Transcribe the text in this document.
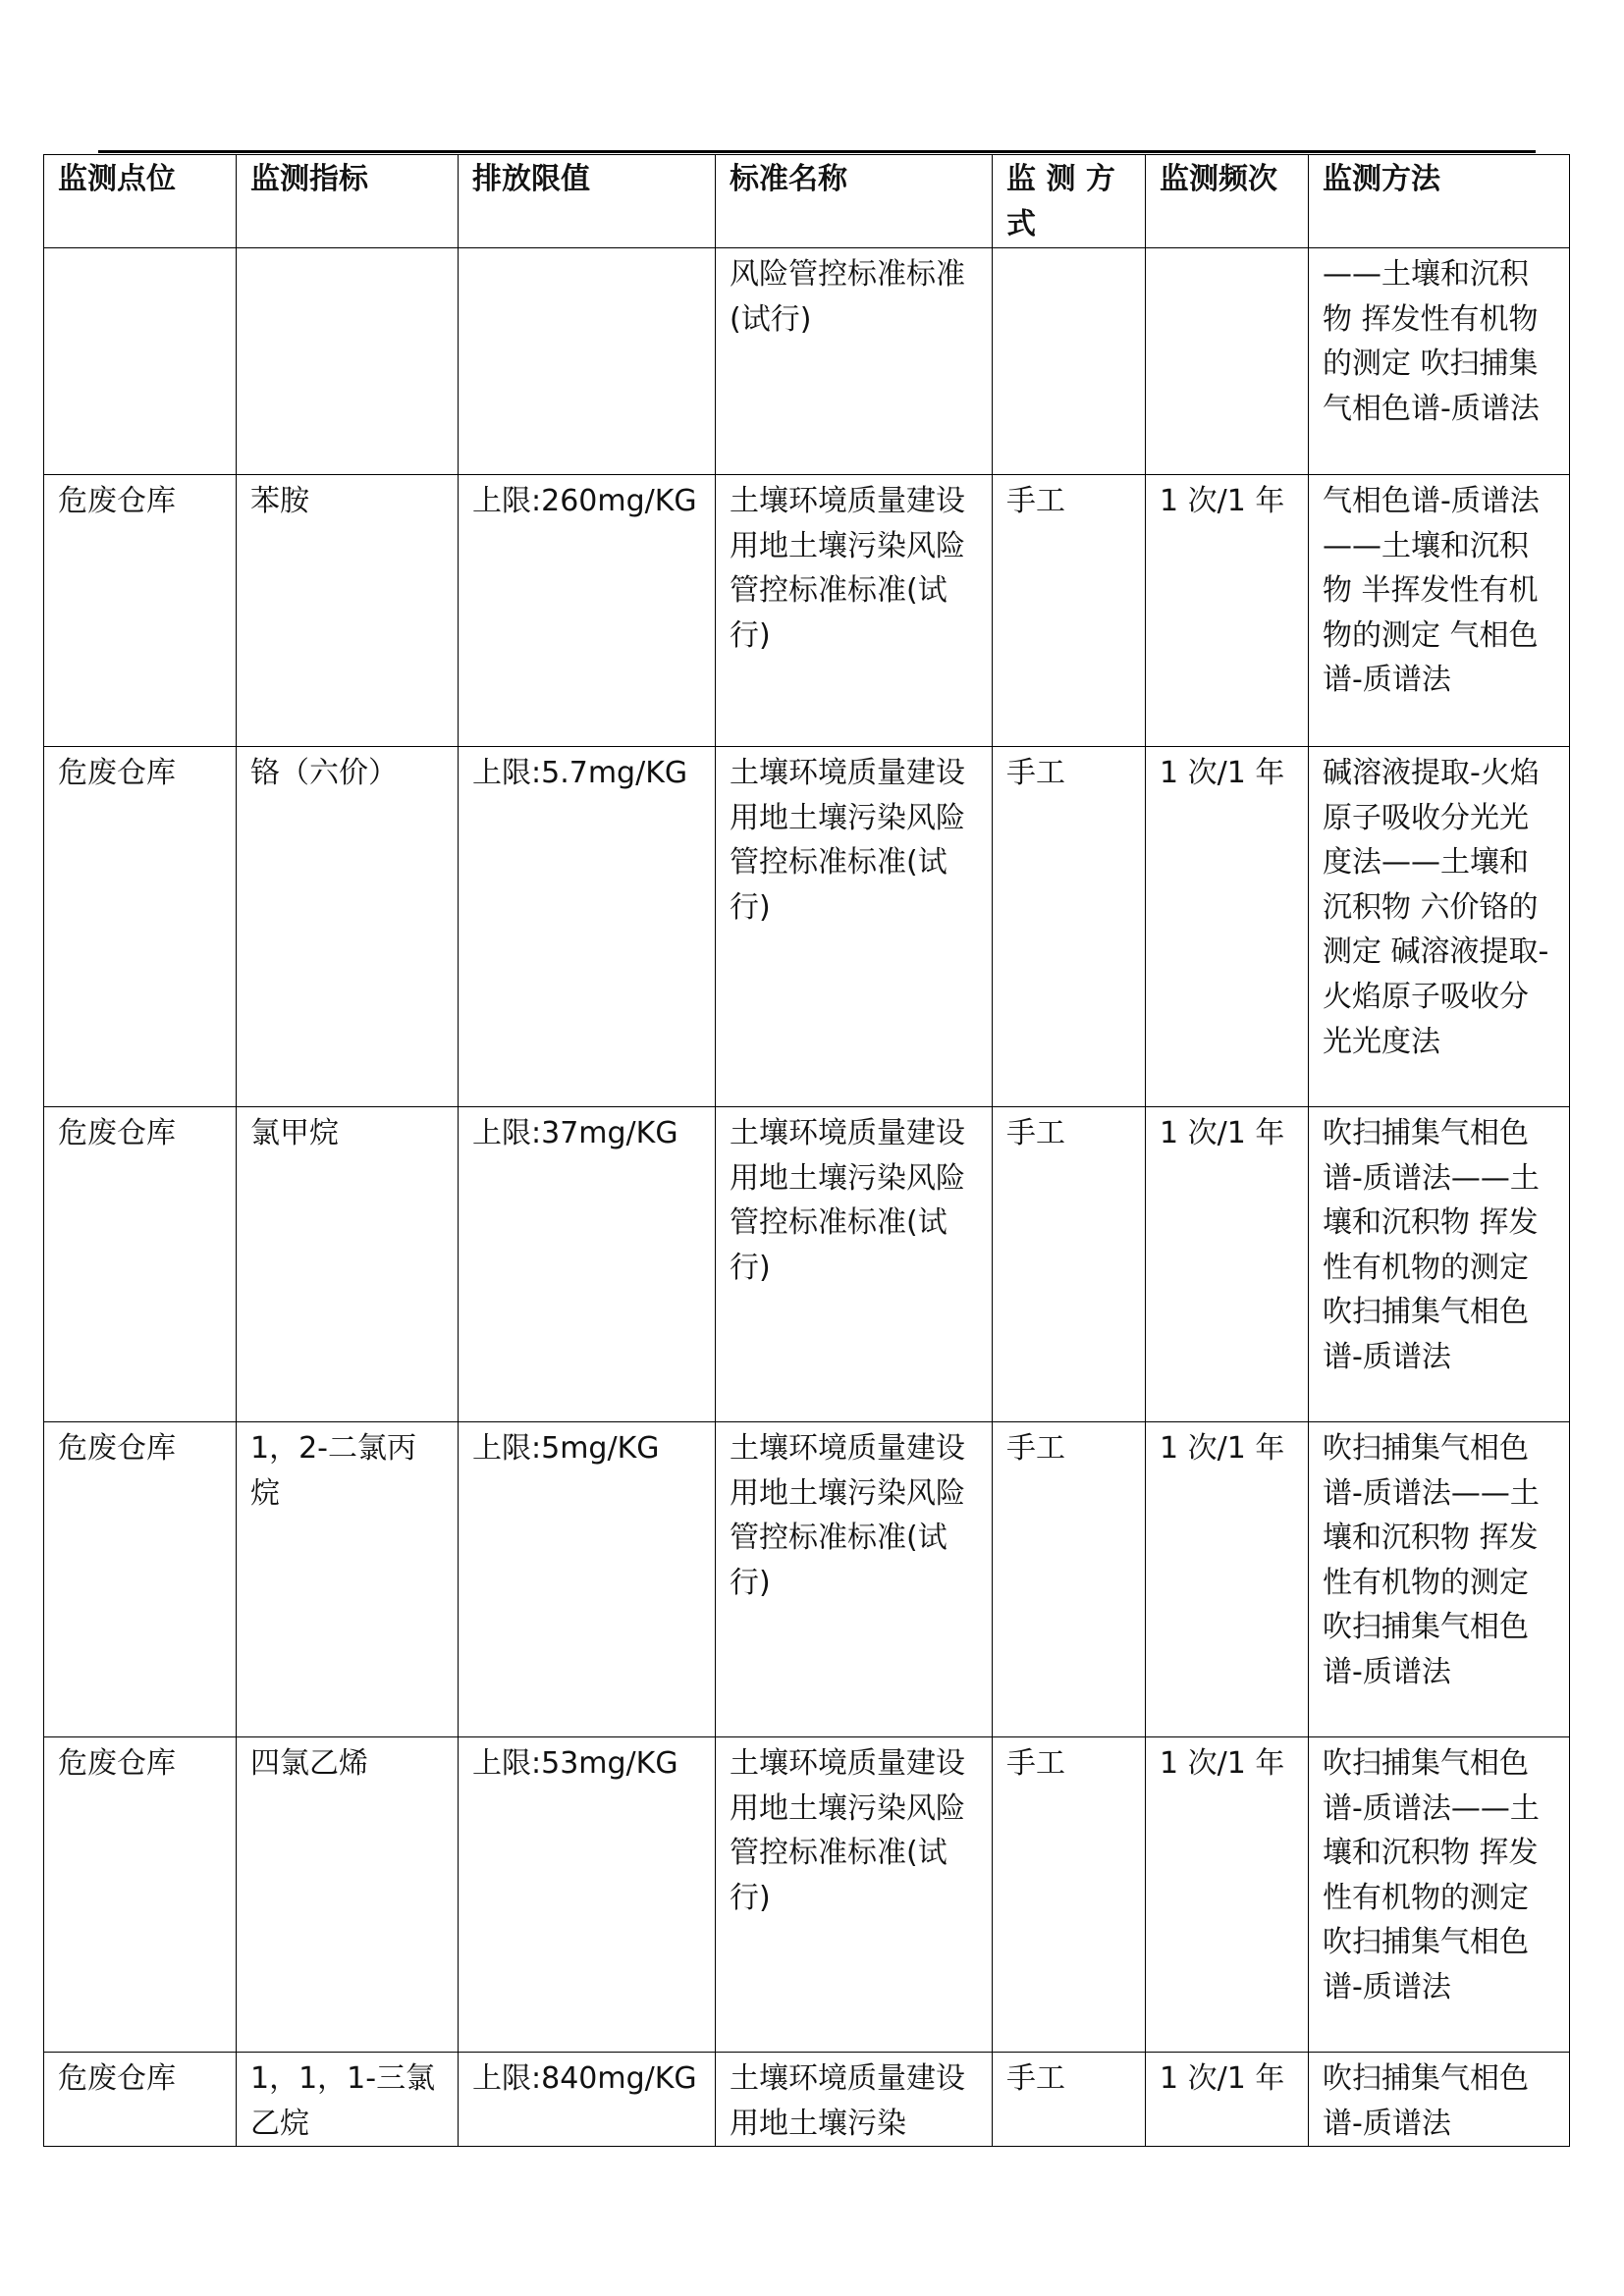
监测点位	监测指标	排放限值	标准名称	监 测 方 式	监测频次	监测方法
			风险管控标准标准(试行)			——土壤和沉积物 挥发性有机物的测定 吹扫捕集气相色谱-质谱法
危废仓库	苯胺	上限:260mg/KG	土壤环境质量建设用地土壤污染风险管控标准标准(试行)	手工	1 次/1 年	气相色谱-质谱法——土壤和沉积物 半挥发性有机物的测定 气相色谱-质谱法
危废仓库	铬（六价）	上限:5.7mg/KG	土壤环境质量建设用地土壤污染风险管控标准标准(试行)	手工	1 次/1 年	碱溶液提取-火焰原子吸收分光光度法——土壤和沉积物 六价铬的测定 碱溶液提取-火焰原子吸收分光光度法
危废仓库	氯甲烷	上限:37mg/KG	土壤环境质量建设用地土壤污染风险管控标准标准(试行)	手工	1 次/1 年	吹扫捕集气相色谱-质谱法——土壤和沉积物 挥发性有机物的测定 吹扫捕集气相色谱-质谱法
危废仓库	1，2-二氯丙烷	上限:5mg/KG	土壤环境质量建设用地土壤污染风险管控标准标准(试行)	手工	1 次/1 年	吹扫捕集气相色谱-质谱法——土壤和沉积物 挥发性有机物的测定 吹扫捕集气相色谱-质谱法
危废仓库	四氯乙烯	上限:53mg/KG	土壤环境质量建设用地土壤污染风险管控标准标准(试行)	手工	1 次/1 年	吹扫捕集气相色谱-质谱法——土壤和沉积物 挥发性有机物的测定 吹扫捕集气相色谱-质谱法
危废仓库	1，1，1-三氯乙烷	上限:840mg/KG	土壤环境质量建设用地土壤污染	手工	1 次/1 年	吹扫捕集气相色谱-质谱法
